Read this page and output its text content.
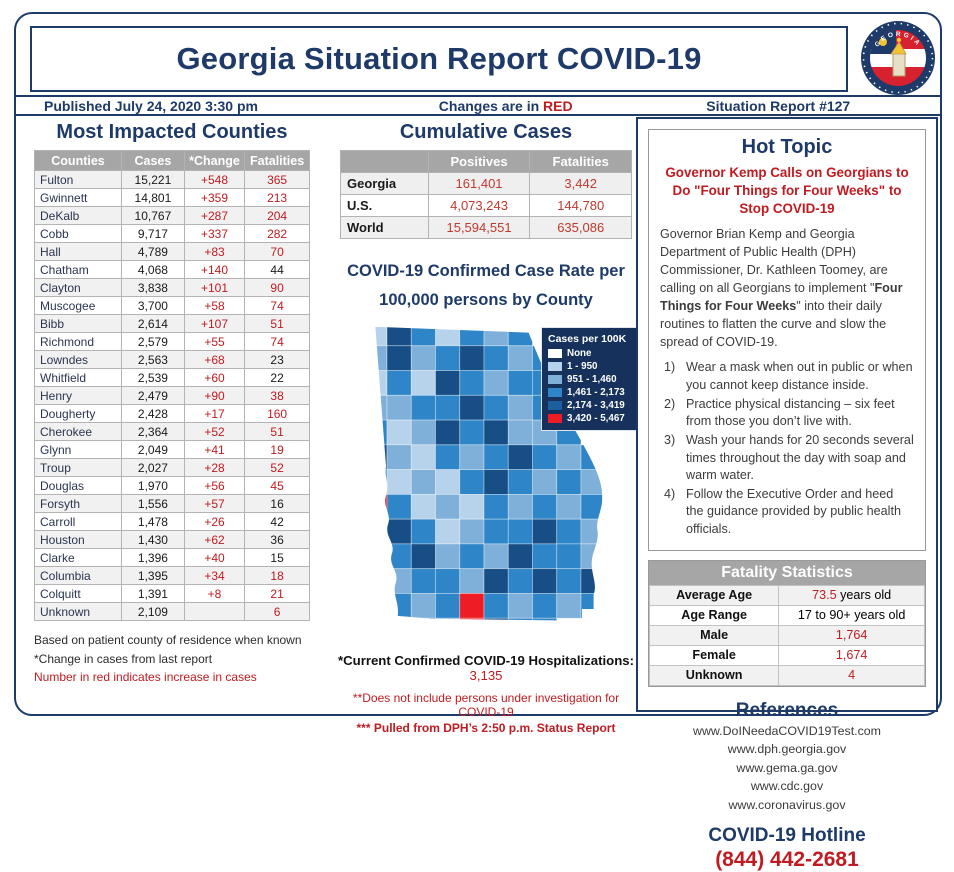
Georgia Situation Report COVID-19	GEORGIA
Published July 24, 2020 3:30 pm	Changes are in RED	Situation Report #127
Most Impacted Counties
Counties	Cases	*Change	Fatalities
Fulton	15,221	+548	365
Gwinnett	14,801	+359	213
DeKalb	10,767	+287	204
Cobb	9,717	+337	282
Hall	4,789	+83	70
Chatham	4,068	+140	44
Clayton	3,838	+101	90
Muscogee	3,700	+58	74
Bibb	2,614	+107	51
Richmond	2,579	+55	74
Lowndes	2,563	+68	23
Whitfield	2,539	+60	22
Henry	2,479	+90	38
Dougherty	2,428	+17	160
Cherokee	2,364	+52	51
Glynn	2,049	+41	19
Troup	2,027	+28	52
Douglas	1,970	+56	45
Forsyth	1,556	+57	16
Carroll	1,478	+26	42
Houston	1,430	+62	36
Clarke	1,396	+40	15
Columbia	1,395	+34	18
Colquitt	1,391	+8	21
Unknown	2,109		6
Based on patient county of residence when known
*Change in cases from last report
Number in red indicates increase in cases
Cumulative Cases
	Positives	Fatalities
Georgia	161,401	3,442
U.S.	4,073,243	144,780
World	15,594,551	635,086
COVID-19 Confirmed Case Rate per
100,000 persons by County
Cases per 100K
None
1 - 950
951 - 1,460
1,461 - 2,173
2,174 - 3,419
3,420 - 5,467
*Current Confirmed COVID-19 Hospitalizations: 3,135
**Does not include persons under investigation for COVID-19
*** Pulled from DPH’s 2:50 p.m. Status Report
Hot Topic
Governor Kemp Calls on Georgians to Do "Four Things for Four Weeks" to Stop COVID-19
Governor Brian Kemp and Georgia Department of Public Health (DPH) Commissioner, Dr. Kathleen Toomey, are calling on all Georgians to implement "Four Things for Four Weeks" into their daily routines to flatten the curve and slow the spread of COVID-19.
Wear a mask when out in public or when you cannot keep distance inside.
Practice physical distancing – six feet from those you don’t live with.
Wash your hands for 20 seconds several times throughout the day with soap and warm water.
Follow the Executive Order and heed the guidance provided by public health officials.
Fatality Statistics
Average Age	73.5 years old
Age Range	17 to 90+ years old
Male	1,764
Female	1,674
Unknown	4
References
www.DoINeedaCOVID19Test.com
www.dph.georgia.gov
www.gema.ga.gov
www.cdc.gov
www.coronavirus.gov
COVID-19 Hotline
(844) 442-2681
